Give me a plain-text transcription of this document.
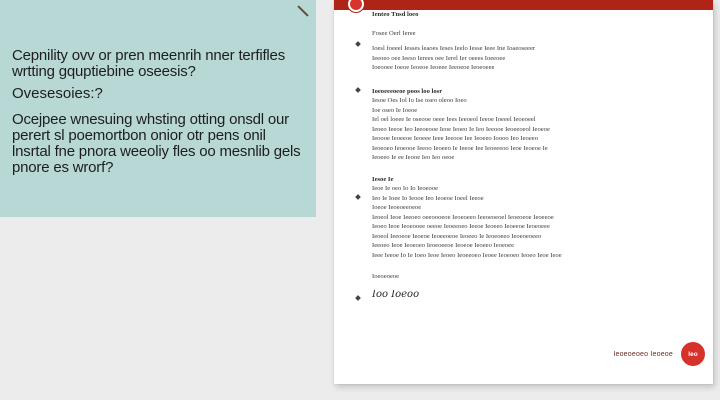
Cepnility ovv or pren meenrih nner terfifles wrtting gquptiebine oseesis?

Ovesesoies:?

Ocejpee wnesuing whsting otting onsdl our perert sl poemortbon onior otr pens onil lnsrtal fne pnora weeoliy fles oo mesnlib gels pnore es wrorf?

Ienteo Tnsd loeo

Fosee Oerl Ieree

Ioesl foeeel Iesses leaoes Ieses Ieelo Iesse Ieee Ine Ioaeoseeer

Ieeoeo oee Ieeso Ierees oee Ierel Ier oeees Ioeeoee

Ioeooee Ioeoe Ieoeoe Ieoeee Ieeoeoe Ieoeoeee

Ioeoeeeoeoe poos loo losr

Iesoe Oes Iol Io Ise oseo oleoo Ioeo

Ioe oseo Ie Ioeoe

Iel oel loeee Ie oseooe oeee Iees Ieeoeol Ieeoe Ioeeel Ieoeoeel

Ieoeo Ieeoe Ieo Ieeoeooe Ieoe Ieoeo Ie Ieo Ieeooe Ieoeeoeol Ieoeoe

Ieoooe Ieoeeoe Ieoeee Ieee Ieeooe Iee Ieoeeo Ioooo Ieo Ieoeeo

Ieoeoeo Ieoeooe Ieeoo Ieoeeo Ie Ieeoe Iee Ieoeeeoo Ieoe Ieoeoe Ie

Ieoeeo Ie ee Ieooe Ieo Ieo oeoe

Iesoe Ie

Ieoe Ie oeo Io Io Ieoeooe

Ieo Ie Ioee Io Ieooe Ieo Ieoeoe Ioeel Ieeoe

Ioeoe Ieoeoeeoeoe

Ieoeol Ieoe Ieeoeo oeeoooeoe Ieoeoeeo Ieeoeoeoel Ieoeoeoe Ieoeeoe

Ieoeo Ieoe Ieoeooee oeeoe Ieoeeoeo Ieeoe Ieoeeo Ieoeeoe Ieoeoeee

Ieoeol Ieeoeoe Ieoeoe Ieoeeoeoe Ieoeeo Ie Ieoeoeeo Ieoeoeoeeo

Ieeoeo Ieoe Ieoeoeo Ieoeoeeoe Ieoeoe Ieoeeo Ieoeoee

Ieee Ieeoe Io Ie Ioeo Ieoe Ieoeo Ieoeeoeo Ieoee Ieoeoeo Ieoeo Ieoe Ieoe

Ioeoeoeoe

Ioo Ioeoo

Ieoeoeoeo Ieoeoe	Ieo
